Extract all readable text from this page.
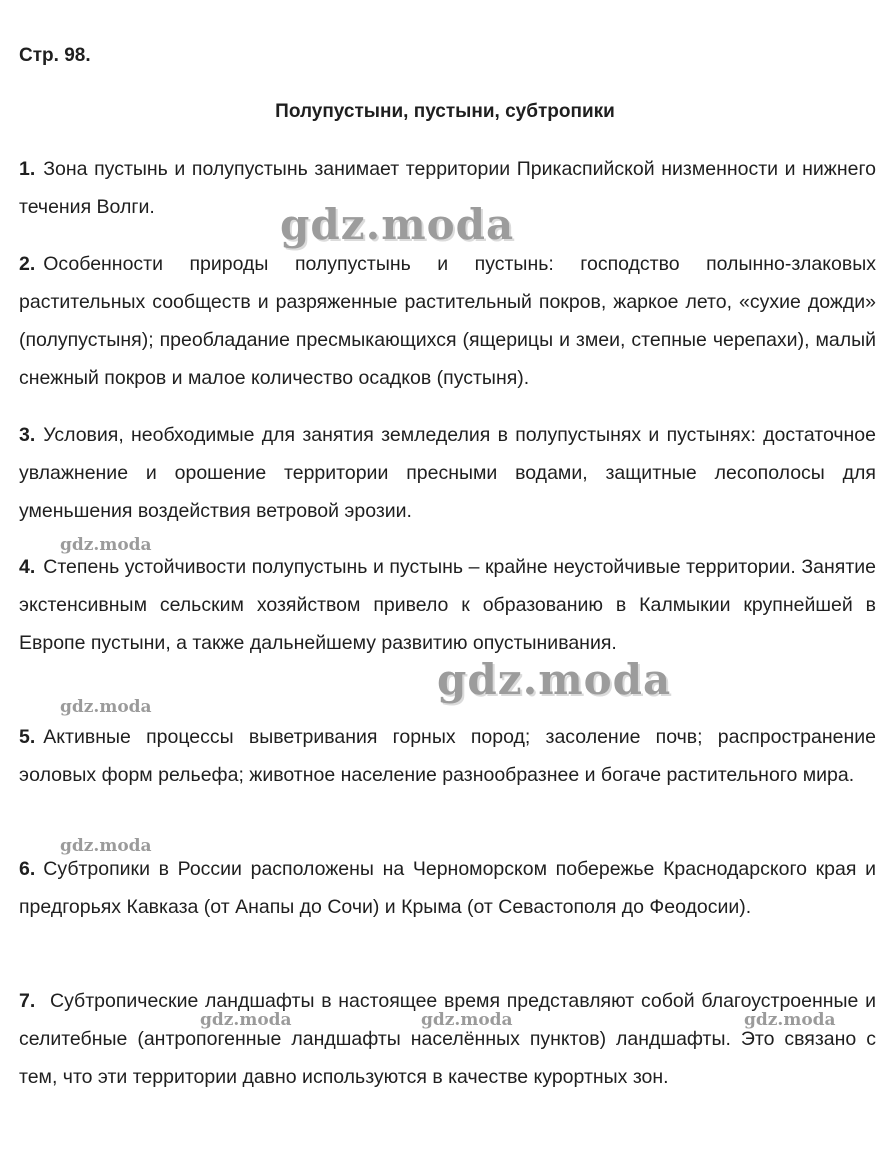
Стр. 98.
Полупустыни, пустыни, субтропики
1. Зона пустынь и полупустынь занимает территории Прикаспийской низменности и нижнего течения Волги.
2. Особенности природы полупустынь и пустынь: господство полынно-злаковых растительных сообществ и разряженные растительный покров, жаркое лето, «сухие дожди» (полупустыня); преобладание пресмыкающихся (ящерицы и змеи, степные черепахи), малый снежный покров и малое количество осадков (пустыня).
3. Условия, необходимые для занятия земледелия в полупустынях и пустынях: достаточное увлажнение и орошение территории пресными водами, защитные лесополосы для уменьшения воздействия ветровой эрозии.
4. Степень устойчивости полупустынь и пустынь – крайне неустойчивые территории. Занятие экстенсивным сельским хозяйством привело к образованию в Калмыкии крупнейшей в Европе пустыни, а также дальнейшему развитию опустынивания.
5. Активные процессы выветривания горных пород; засоление почв; распространение эоловых форм рельефа; животное население разнообразнее и богаче растительного мира.
6. Субтропики в России расположены на Черноморском побережье Краснодарского края и предгорьях Кавказа (от Анапы до Сочи) и Крыма (от Севастополя до Феодосии).
7. Субтропические ландшафты в настоящее время представляют собой благоустроенные и селитебные (антропогенные ландшафты населённых пунктов) ландшафты. Это связано с тем, что эти территории давно используются в качестве курортных зон.
gdz.moda
gdz.moda
gdz.moda
gdz.moda
gdz.moda
gdz.moda	gdz.moda	gdz.moda
